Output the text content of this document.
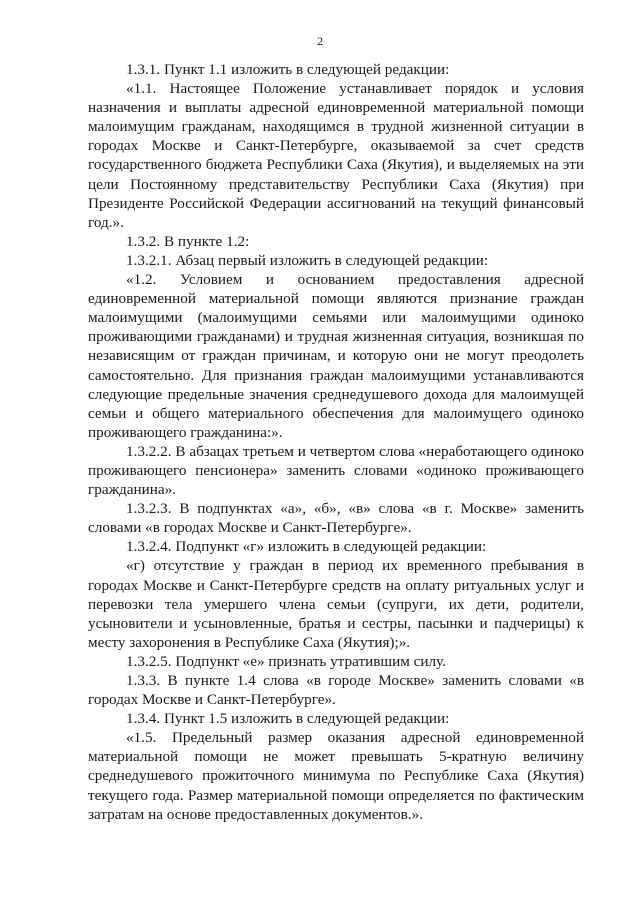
2

1.3.1. Пункт 1.1 изложить в следующей редакции:

«1.1. Настоящее Положение устанавливает порядок и условия назначения и выплаты адресной единовременной материальной помощи малоимущим гражданам, находящимся в трудной жизненной ситуации в городах Москве и Санкт-Петербурге, оказываемой за счет средств государственного бюджета Республики Саха (Якутия), и выделяемых на эти цели Постоянному представительству Республики Саха (Якутия) при Президенте Российской Федерации ассигнований на текущий финансовый год.».

1.3.2. В пункте 1.2:

1.3.2.1. Абзац первый изложить в следующей редакции:

«1.2. Условием и основанием предоставления адресной единовременной материальной помощи являются признание граждан малоимущими (малоимущими семьями или малоимущими одиноко проживающими гражданами) и трудная жизненная ситуация, возникшая по независящим от граждан причинам, и которую они не могут преодолеть самостоятельно. Для признания граждан малоимущими устанавливаются следующие предельные значения среднедушевого дохода для малоимущей семьи и общего материального обеспечения для малоимущего одиноко проживающего гражданина:».

1.3.2.2. В абзацах третьем и четвертом слова «неработающего одиноко проживающего пенсионера» заменить словами «одиноко проживающего гражданина».

1.3.2.3. В подпунктах «а», «б», «в» слова «в г. Москве» заменить словами «в городах Москве и Санкт-Петербурге».

1.3.2.4. Подпункт «г» изложить в следующей редакции:

«г) отсутствие у граждан в период их временного пребывания в городах Москве и Санкт-Петербурге средств на оплату ритуальных услуг и перевозки тела умершего члена семьи (супруги, их дети, родители, усыновители и усыновленные, братья и сестры, пасынки и падчерицы) к месту захоронения в Республике Саха (Якутия);».

1.3.2.5. Подпункт «е» признать утратившим силу.

1.3.3. В пункте 1.4 слова «в городе Москве» заменить словами «в городах Москве и Санкт-Петербурге».

1.3.4. Пункт 1.5 изложить в следующей редакции:

«1.5. Предельный размер оказания адресной единовременной материальной помощи не может превышать 5-кратную величину среднедушевого прожиточного минимума по Республике Саха (Якутия) текущего года. Размер материальной помощи определяется по фактическим затратам на основе предоставленных документов.».
